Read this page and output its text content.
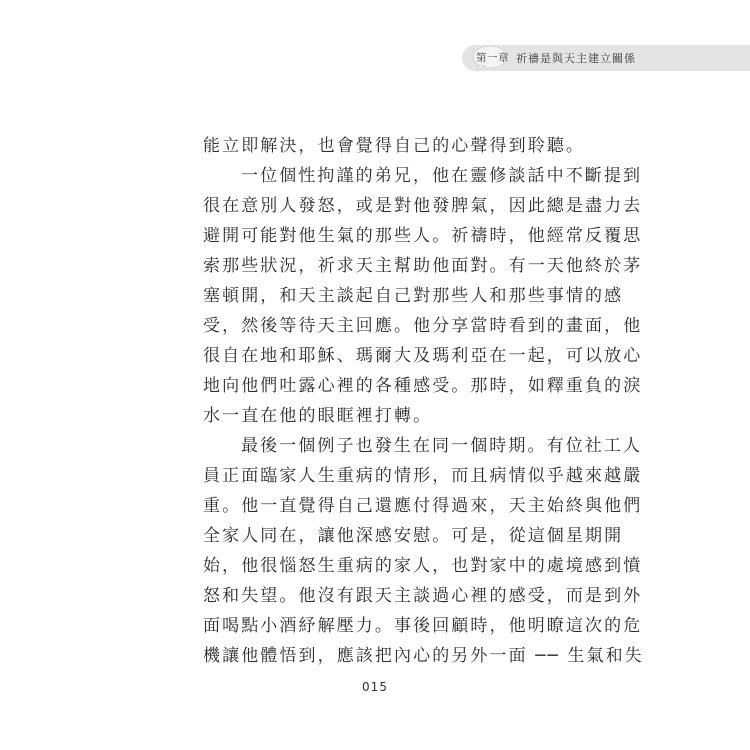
第一章 祈禱是與天主建立關係
能立即解決，也會覺得自己的心聲得到聆聽。
一位個性拘謹的弟兄，他在靈修談話中不斷提到
很在意別人發怒，或是對他發脾氣，因此總是盡力去
避開可能對他生氣的那些人。祈禱時，他經常反覆思
索那些狀況，祈求天主幫助他面對。有一天他終於茅
塞頓開，和天主談起自己對那些人和那些事情的感
受，然後等待天主回應。他分享當時看到的畫面，他
很自在地和耶穌、瑪爾大及瑪利亞在一起，可以放心
地向他們吐露心裡的各種感受。那時，如釋重負的淚
水一直在他的眼眶裡打轉。
最後一個例子也發生在同一個時期。有位社工人
員正面臨家人生重病的情形，而且病情似乎越來越嚴
重。他一直覺得自己還應付得過來，天主始終與他們
全家人同在，讓他深感安慰。可是，從這個星期開
始，他很惱怒生重病的家人，也對家中的處境感到憤
怒和失望。他沒有跟天主談過心裡的感受，而是到外
面喝點小酒紓解壓力。事後回顧時，他明瞭這次的危
機讓他體悟到，應該把內心的另外一面 ── 生氣和失
015
